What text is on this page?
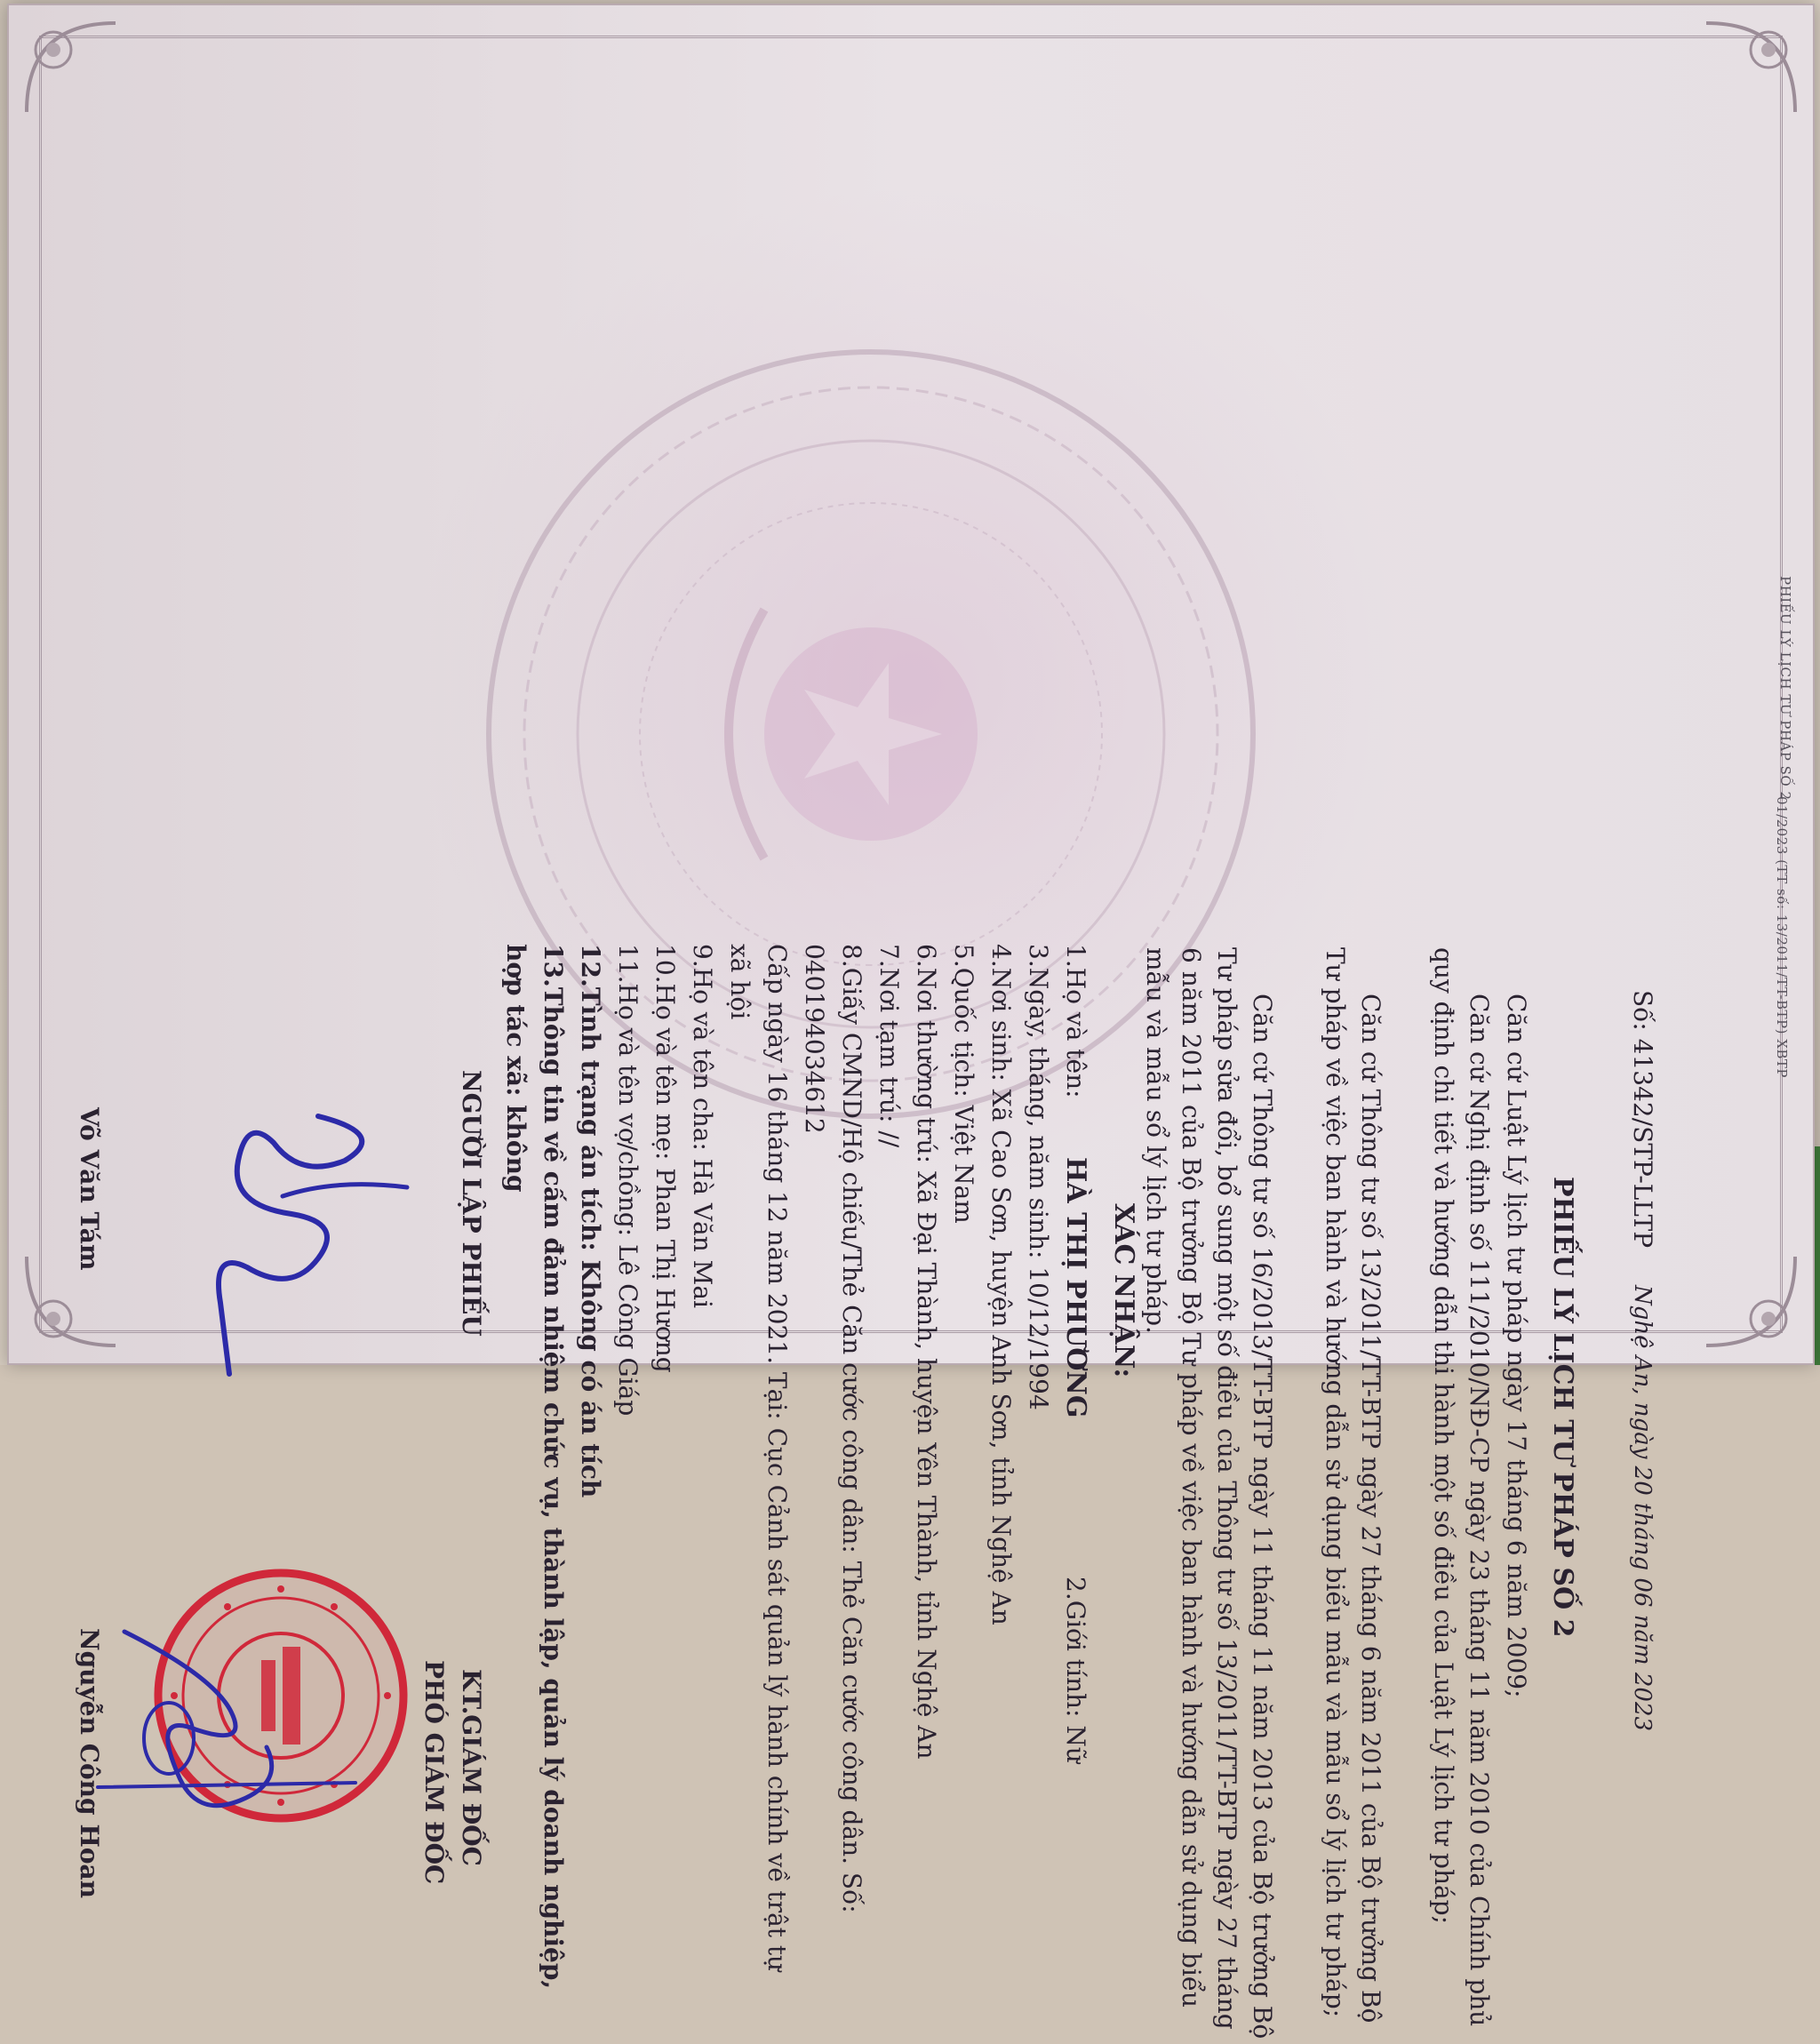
PHIẾU LÝ LỊCH TƯ PHÁP SỐ 2
01/2023 (TT số: 13/2011/TT-BTP) XBTP
Số: 41342/STP-LLTP
Nghệ An, ngày 20 tháng 06 năm 2023
PHIẾU LÝ LỊCH TƯ PHÁP SỐ 2
Căn cứ Luật Lý lịch tư pháp ngày 17 tháng 6 năm 2009;
Căn cứ Nghị định số 111/2010/NĐ-CP ngày 23 tháng 11 năm 2010 của Chính phủ quy định chi tiết và hướng dẫn thi hành một số điều của Luật Lý lịch tư pháp;
Căn cứ Thông tư số 13/2011/TT-BTP ngày 27 tháng 6 năm 2011 của Bộ trưởng Bộ Tư pháp về việc ban hành và hướng dẫn sử dụng biểu mẫu và mẫu sổ lý lịch tư pháp;
Căn cứ Thông tư số 16/2013/TT-BTP ngày 11 tháng 11 năm 2013 của Bộ trưởng Bộ Tư pháp sửa đổi, bổ sung một số điều của Thông tư số 13/2011/TT-BTP ngày 27 tháng 6 năm 2011 của Bộ trưởng Bộ Tư pháp về việc ban hành và hướng dẫn sử dụng biểu mẫu và mẫu sổ lý lịch tư pháp.
XÁC NHẬN:
1.Họ và tên:
HÀ THỊ PHƯƠNG
2.Giới tính: Nữ
3.Ngày, tháng, năm sinh: 10/12/1994
4.Nơi sinh: Xã Cao Sơn, huyện Anh Sơn, tỉnh Nghệ An
5.Quốc tịch: Việt Nam
6.Nơi thường trú: Xã Đại Thành, huyện Yên Thành, tỉnh Nghệ An
7.Nơi tạm trú: //
8.Giấy CMND/Hộ chiếu/Thẻ Căn cước công dân: Thẻ Căn cước công dân. Số:
040194034612
Cấp ngày 16 tháng 12 năm 2021. Tại: Cục Cảnh sát quản lý hành chính về trật tự
xã hội
9.Họ và tên cha: Hà Văn Mai
10.Họ và tên mẹ: Phan Thị Hương
11.Họ và tên vợ/chồng: Lê Công Giáp
12.Tình trạng án tích: Không có án tích
13.Thông tin về cấm đảm nhiệm chức vụ, thành lập, quản lý doanh nghiệp,
hợp tác xã: không
NGƯỜI LẬP PHIẾU
KT.GIÁM ĐỐC
PHÓ GIÁM ĐỐC
Võ Văn Tám
Nguyễn Công Hoan
